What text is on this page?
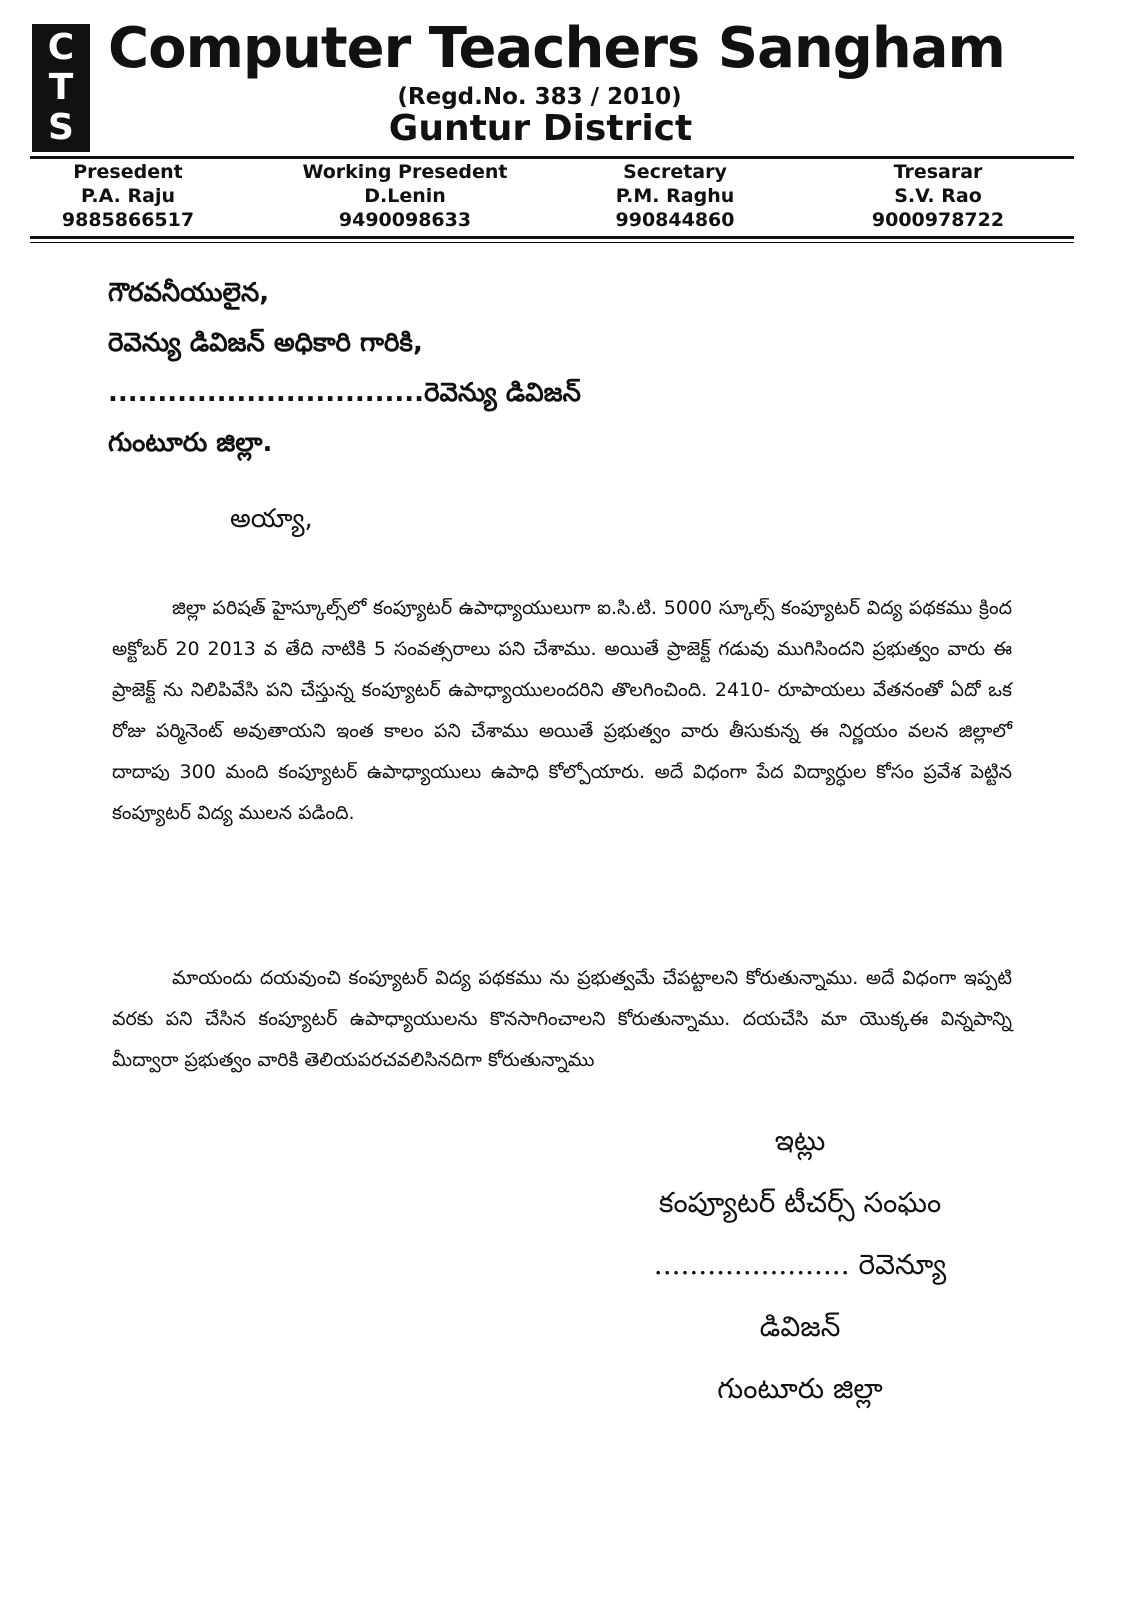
C
T
S
Computer Teachers Sangham
(Regd.No. 383 / 2010)
Guntur District
Presedent
P.A. Raju
9885866517
Working Presedent
D.Lenin
9490098633
Secretary
P.M. Raghu
990844860
Tresarar
S.V. Rao
9000978722
గౌరవనీయులైన,
రెవెన్యు డివిజన్ అధికారి గారికి,
................................రెవెన్యు డివిజన్
గుంటూరు జిల్లా.
అయ్యా,

జిల్లా పరిషత్ హైస్కూల్స్‌లో కంప్యూటర్ ఉపాధ్యాయులుగా ఐ.సి.టి. 5000 స్కూల్స్ కంప్యూటర్ విద్య పథకము క్రింద అక్టోబర్ 20 2013 వ తేది నాటికి 5 సంవత్సరాలు పని చేశాము. అయితే ప్రాజెక్ట్ గడువు ముగిసిందని ప్రభుత్వం వారు ఈ ప్రాజెక్ట్ ను నిలిపివేసి పని చేస్తున్న కంప్యూటర్ ఉపాధ్యాయులందరిని తొలగించింది. 2410- రూపాయలు వేతనంతో ఏదో ఒక రోజు పర్మినెంట్ అవుతాయని ఇంత కాలం పని చేశాము అయితే ప్రభుత్వం వారు తీసుకున్న ఈ నిర్ణయం వలన జిల్లాలో దాదాపు 300 మంది కంప్యూటర్ ఉపాధ్యాయులు ఉపాధి కోల్పోయారు. అదే విధంగా పేద విద్యార్ధుల కోసం ప్రవేశ పెట్టిన కంప్యూటర్ విద్య ములన పడింది.

మాయందు దయవుంచి కంప్యూటర్ విద్య పథకము ను ప్రభుత్వమే చేపట్టాలని కోరుతున్నాము. అదే విధంగా ఇప్పటి వరకు పని చేసిన కంప్యూటర్ ఉపాధ్యాయులను కొనసాగించాలని కోరుతున్నాము. దయచేసి మా యొక్కఈ విన్నపాన్ని మీద్వారా ప్రభుత్వం వారికి తెలియపరచవలిసినదిగా కోరుతున్నాము

ఇట్లు
కంప్యూటర్ టీచర్స్ సంఘం
...................... రెవెన్యూ డివిజన్
గుంటూరు జిల్లా
